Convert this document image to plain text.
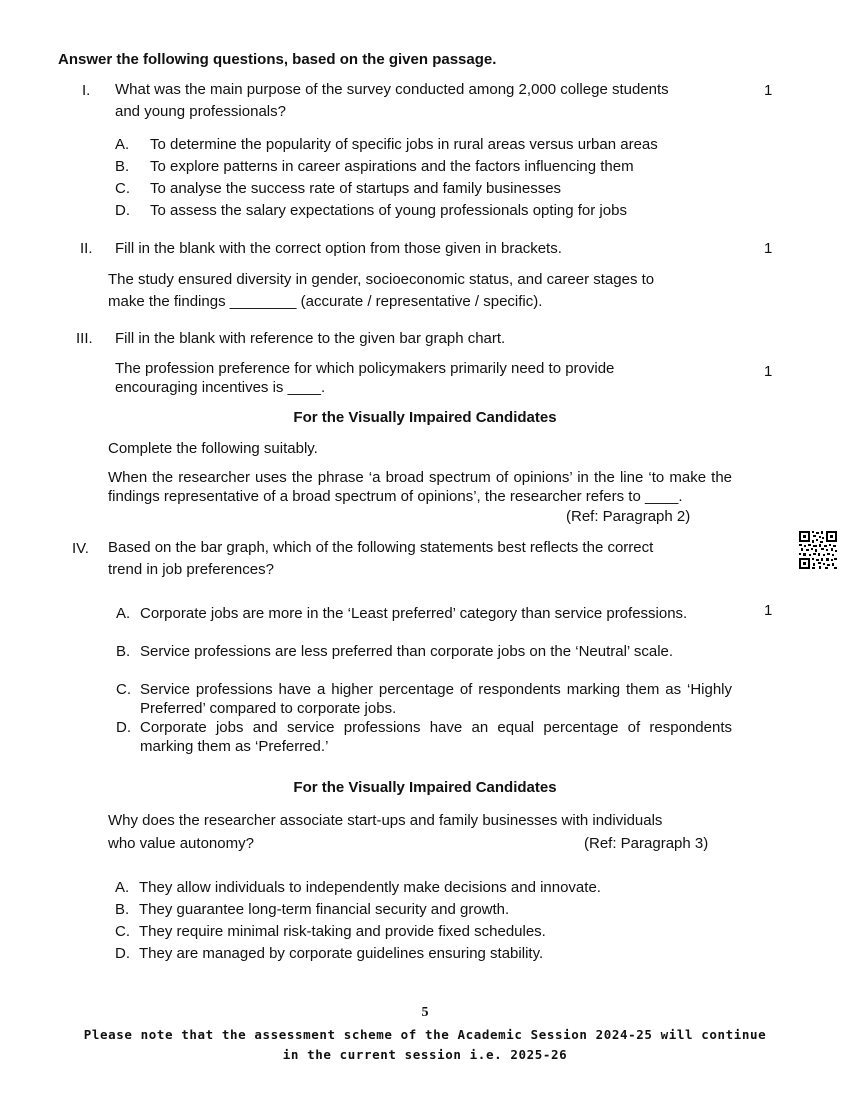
Answer the following questions, based on the given passage.
I.	What was the main purpose of the survey conducted among 2,000 college students
and young professionals?
1
A. To determine the popularity of specific jobs in rural areas versus urban areas
B. To explore patterns in career aspirations and the factors influencing them
C. To analyse the success rate of startups and family businesses
D. To assess the salary expectations of young professionals opting for jobs
II.	Fill in the blank with the correct option from those given in brackets.	1
The study ensured diversity in gender, socioeconomic status, and career stages to
make the findings ________ (accurate / representative / specific).
III.	Fill in the blank with reference to the given bar graph chart.
The profession preference for which policymakers primarily need to provide
encouraging incentives is ____.
1
For the Visually Impaired Candidates
Complete the following suitably.
When the researcher uses the phrase ‘a broad spectrum of opinions’ in the line ‘to make the findings representative of a broad spectrum of opinions’, the researcher refers to ____.
(Ref: Paragraph 2)
IV.	Based on the bar graph, which of the following statements best reflects the correct
trend in job preferences?
1
A. Corporate jobs are more in the ‘Least preferred’ category than service professions.
B. Service professions are less preferred than corporate jobs on the ‘Neutral’ scale.
C. Service professions have a higher percentage of respondents marking them as ‘Highly Preferred’ compared to corporate jobs.
D. Corporate jobs and service professions have an equal percentage of respondents marking them as ‘Preferred.’
For the Visually Impaired Candidates
Why does the researcher associate start-ups and family businesses with individuals
who value autonomy?	(Ref: Paragraph 3)
A. They allow individuals to independently make decisions and innovate.
B. They guarantee long-term financial security and growth.
C. They require minimal risk-taking and provide fixed schedules.
D. They are managed by corporate guidelines ensuring stability.
5
Please note that the assessment scheme of the Academic Session 2024-25 will continue
in the current session i.e. 2025-26
